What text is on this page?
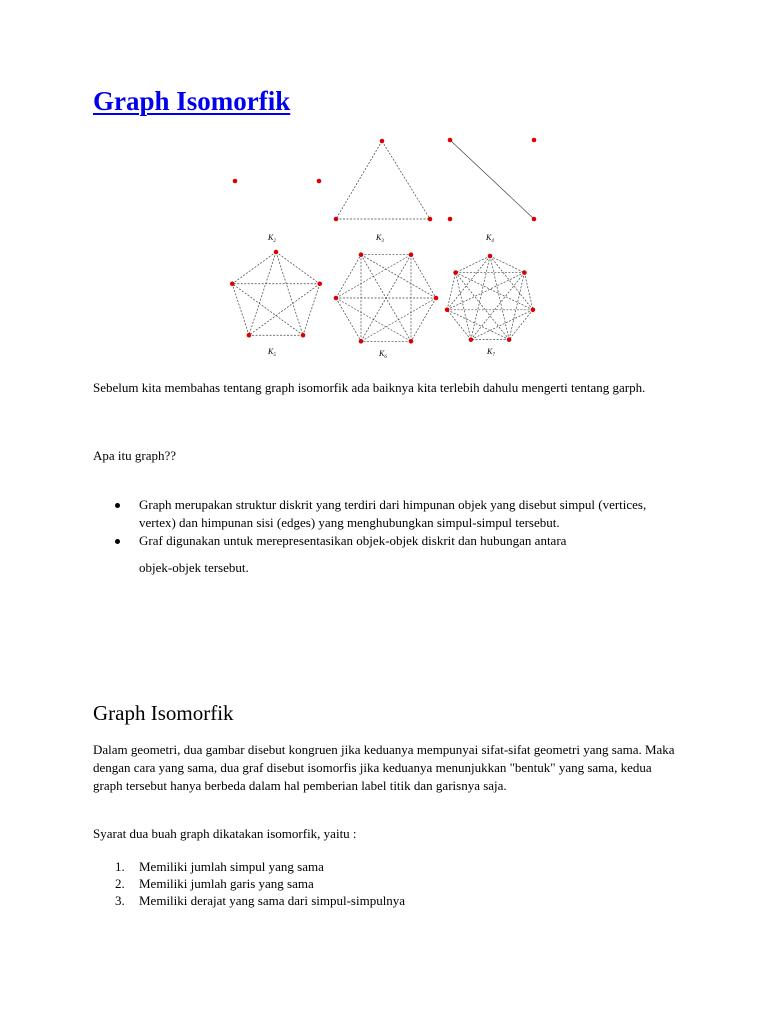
Graph Isomorfik
$K_2$	$K_3$	$K_4$
$K_5$	$K_6$
$K_7$

Sebelum kita membahas tentang graph isomorfik ada baiknya kita terlebih dahulu mengerti tentang garph.

Apa itu graph??

Graph merupakan struktur diskrit yang terdiri dari himpunan objek yang disebut simpul (vertices, vertex) dan himpunan sisi (edges) yang menghubungkan simpul-simpul tersebut.
Graf digunakan untuk merepresentasikan objek-objek diskrit dan hubungan antara
objek-objek tersebut.
Graph Isomorfik

Dalam geometri, dua gambar disebut kongruen jika keduanya mempunyai sifat-sifat geometri yang sama. Maka dengan cara yang sama, dua graf disebut isomorfis jika keduanya menunjukkan "bentuk" yang sama, kedua graph tersebut hanya berbeda dalam hal pemberian label titik dan garisnya saja.

Syarat dua buah graph dikatakan isomorfik, yaitu :

1. Memiliki jumlah simpul yang sama
2. Memiliki jumlah garis yang sama
3. Memiliki derajat yang sama dari simpul-simpulnya
